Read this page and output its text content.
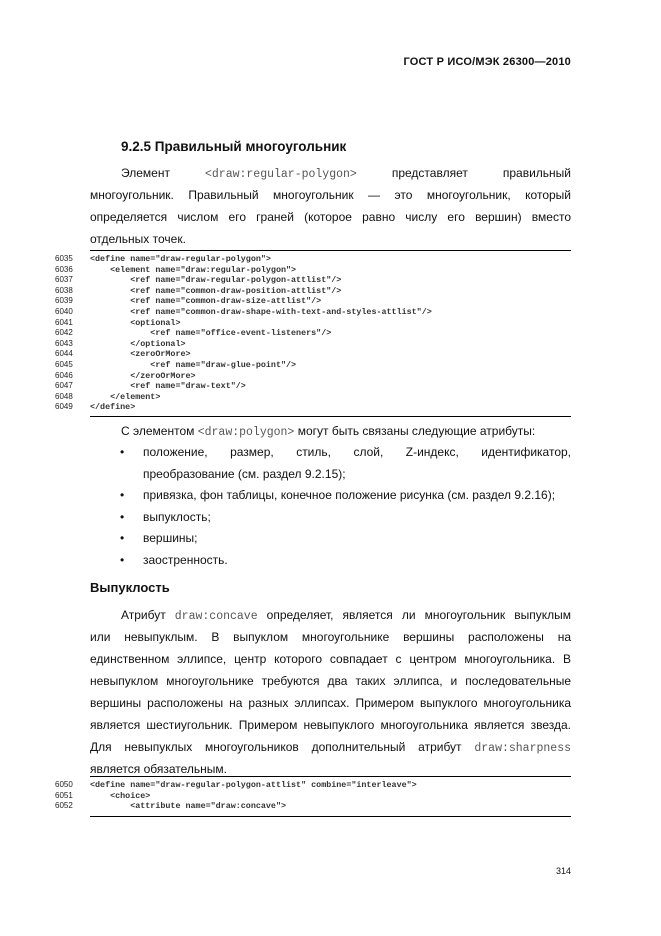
ГОСТ Р ИСО/МЭК 26300—2010
9.2.5 Правильный многоугольник
Элемент	<draw:regular-polygon>	представляет	правильный
многоугольник. Правильный многоугольник — это многоугольник, который
определяется числом его граней (которое равно числу его вершин) вместо
отдельных точек.
6035	<define name="draw-regular-polygon">
6036	<element name="draw:regular-polygon">
6037	<ref name="draw-regular-polygon-attlist"/>
6038	<ref name="common-draw-position-attlist"/>
6039	<ref name="common-draw-size-attlist"/>
6040	<ref name="common-draw-shape-with-text-and-styles-attlist"/>
6041	<optional>
6042	<ref name="office-event-listeners"/>
6043	</optional>
6044	<zeroOrMore>
6045	<ref name="draw-glue-point"/>
6046	</zeroOrMore>
6047	<ref name="draw-text"/>
6048	</element>
6049	</define>
С элементом <draw:polygon> могут быть связаны следующие атрибуты:
• положение, размер, стиль, слой, Z-индекс, идентификатор,
преобразование (см. раздел 9.2.15);
• привязка, фон таблицы, конечное положение рисунка (см. раздел 9.2.16);
• выпуклость;
• вершины;
• заостренность.
Выпуклость
Атрибут draw:concave определяет, является ли многоугольник выпуклым
или невыпуклым. В выпуклом многоугольнике вершины расположены на
единственном эллипсе, центр которого совпадает с центром многоугольника. В
невыпуклом многоугольнике требуются два таких эллипса, и последовательные
вершины расположены на разных эллипсах. Примером выпуклого многоугольника
является шестиугольник. Примером невыпуклого многоугольника является звезда.
Для невыпуклых многоугольников дополнительный атрибут draw:sharpness
является обязательным.
6050	<define name="draw-regular-polygon-attlist" combine="interleave">
6051	<choice>
6052	<attribute name="draw:concave">
314
